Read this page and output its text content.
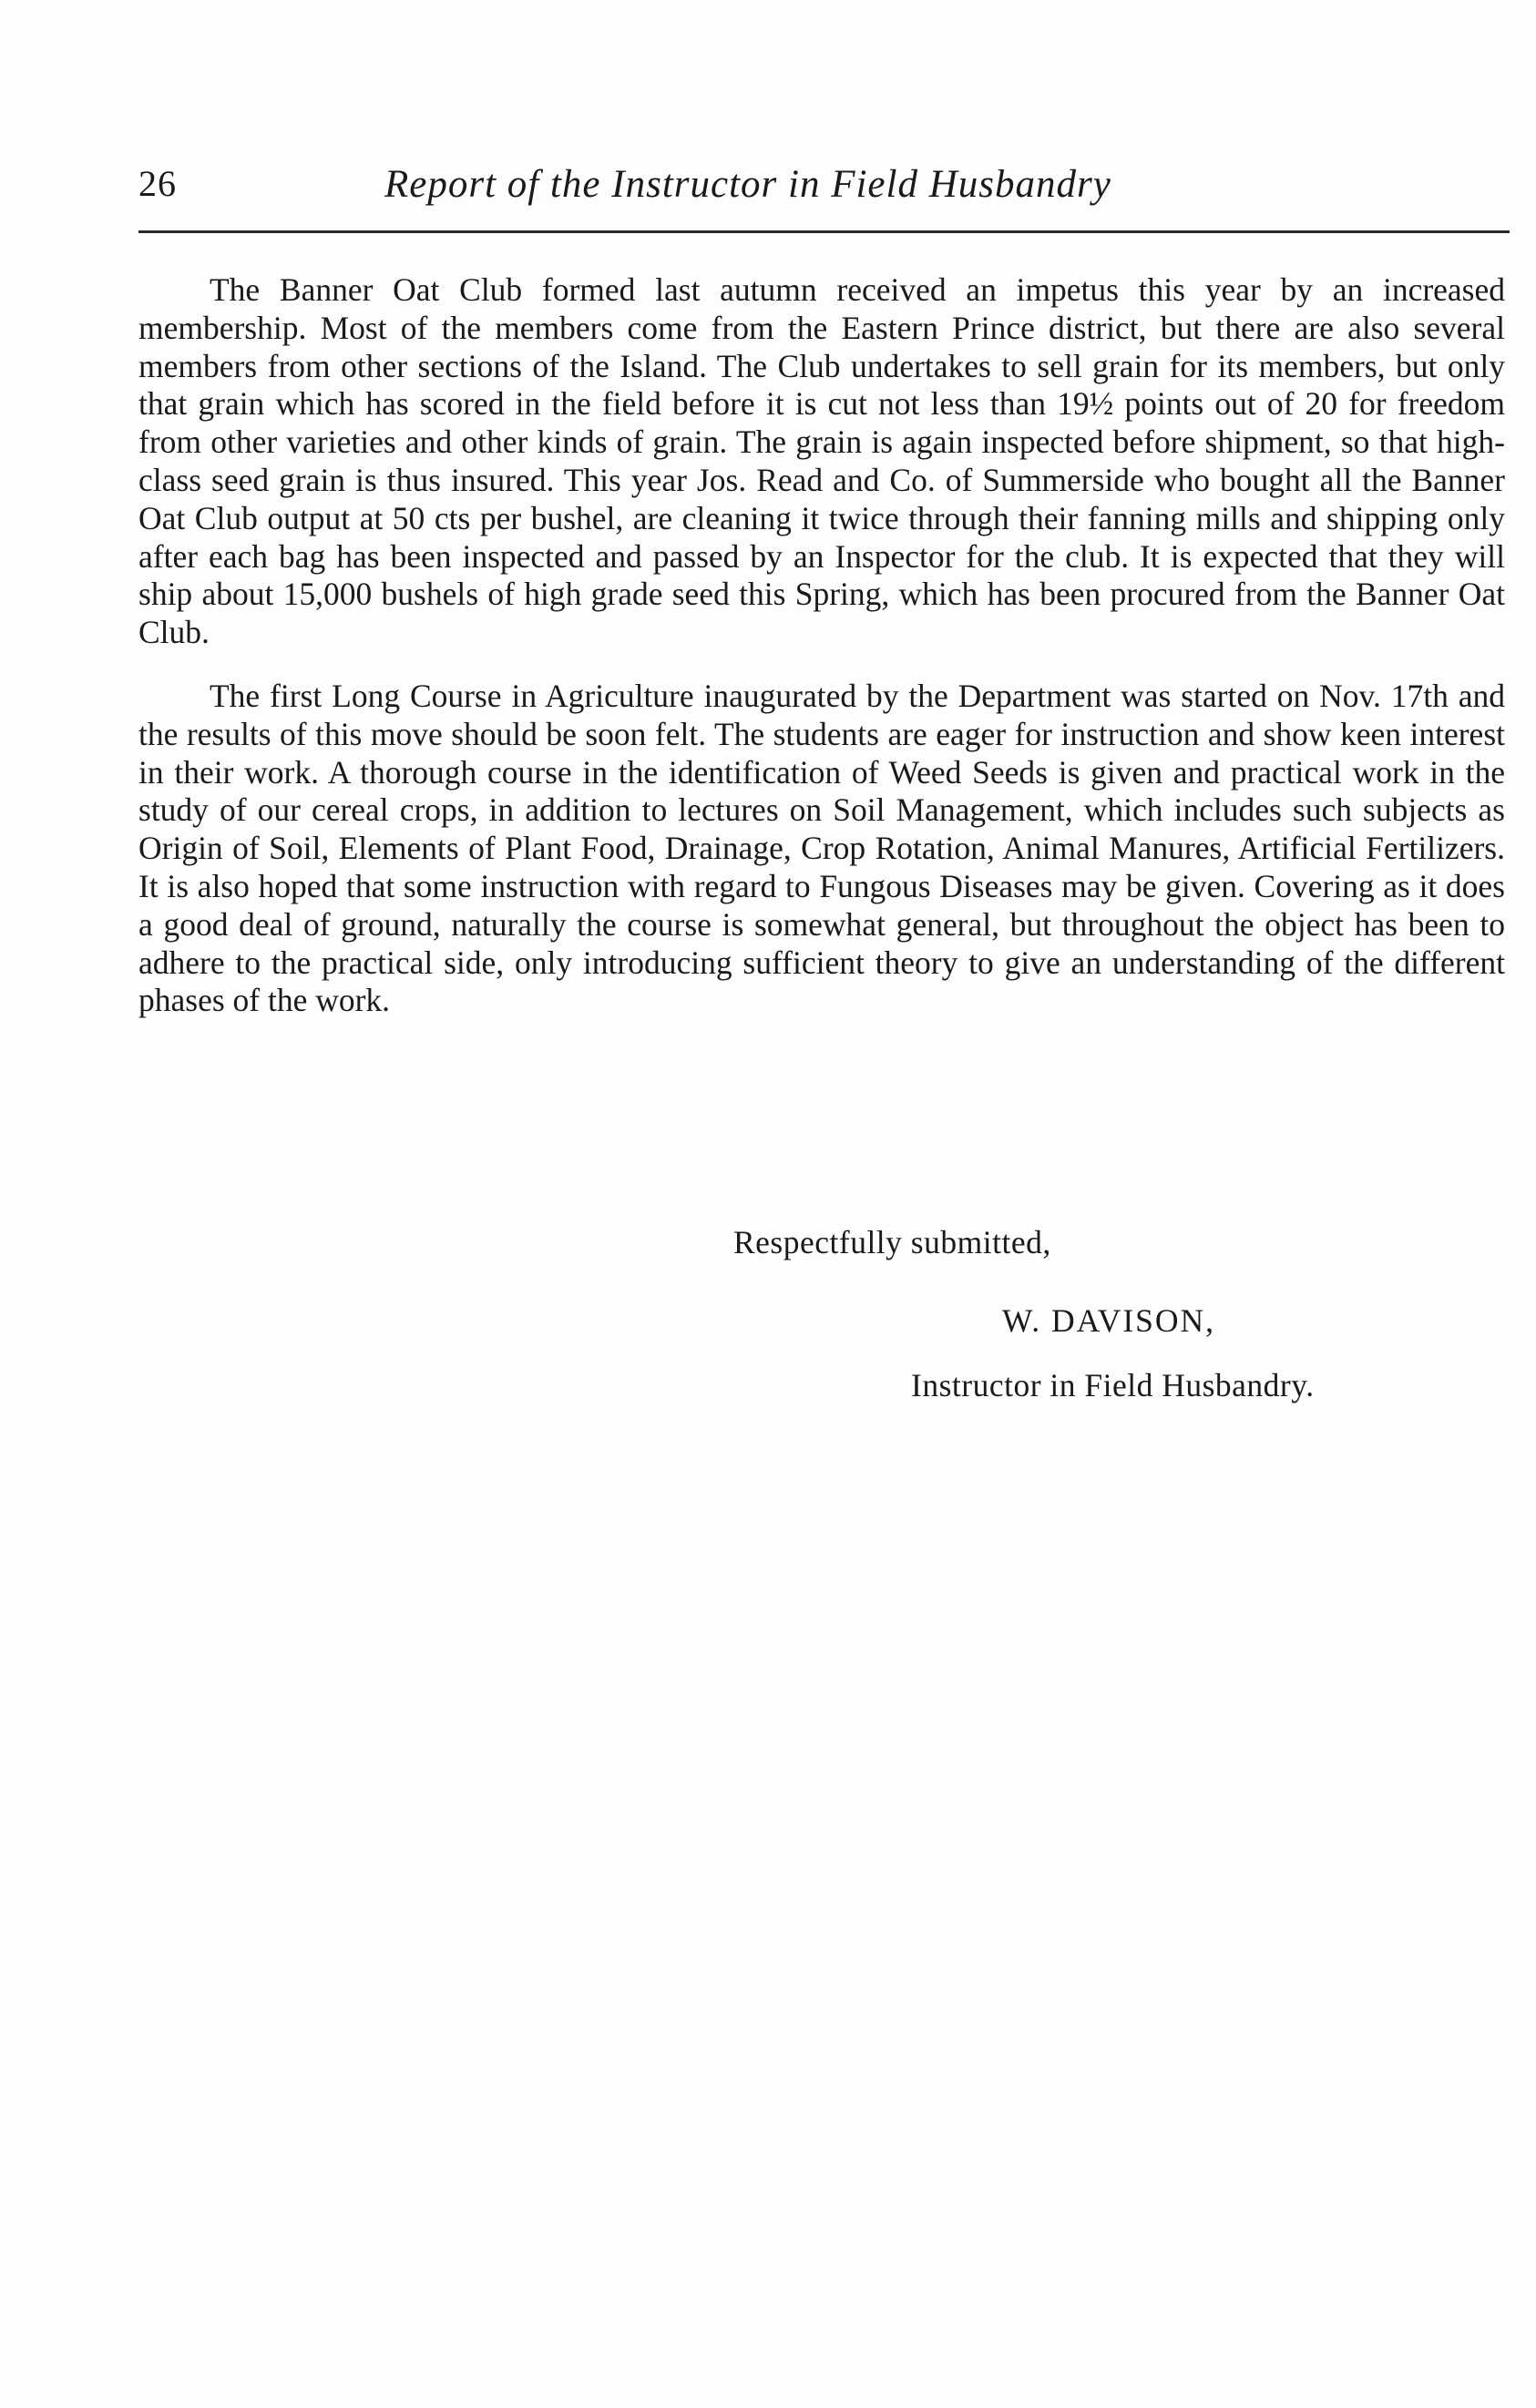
26	Report of the Instructor in Field Husbandry

The Banner Oat Club formed last autumn received an impetus this year by an increased membership. Most of the members come from the Eastern Prince district, but there are also several members from other sections of the Island. The Club undertakes to sell grain for its members, but only that grain which has scored in the field before it is cut not less than 19½ points out of 20 for freedom from other varieties and other kinds of grain. The grain is again inspected before shipment, so that high-class seed grain is thus insured. This year Jos. Read and Co. of Summerside who bought all the Banner Oat Club output at 50 cts per bushel, are cleaning it twice through their fanning mills and shipping only after each bag has been inspected and passed by an Inspector for the club. It is expected that they will ship about 15,000 bushels of high grade seed this Spring, which has been procured from the Banner Oat Club.

The first Long Course in Agriculture inaugurated by the Department was started on Nov. 17th and the results of this move should be soon felt. The students are eager for instruction and show keen interest in their work. A thorough course in the identification of Weed Seeds is given and practical work in the study of our cereal crops, in addition to lectures on Soil Management, which includes such subjects as Origin of Soil, Elements of Plant Food, Drainage, Crop Rotation, Animal Manures, Artificial Fertilizers. It is also hoped that some instruction with regard to Fungous Diseases may be given. Covering as it does a good deal of ground, naturally the course is somewhat general, but throughout the object has been to adhere to the practical side, only introducing sufficient theory to give an understanding of the different phases of the work.

Respectfully submitted,
W. DAVISON,
Instructor in Field Husbandry.
